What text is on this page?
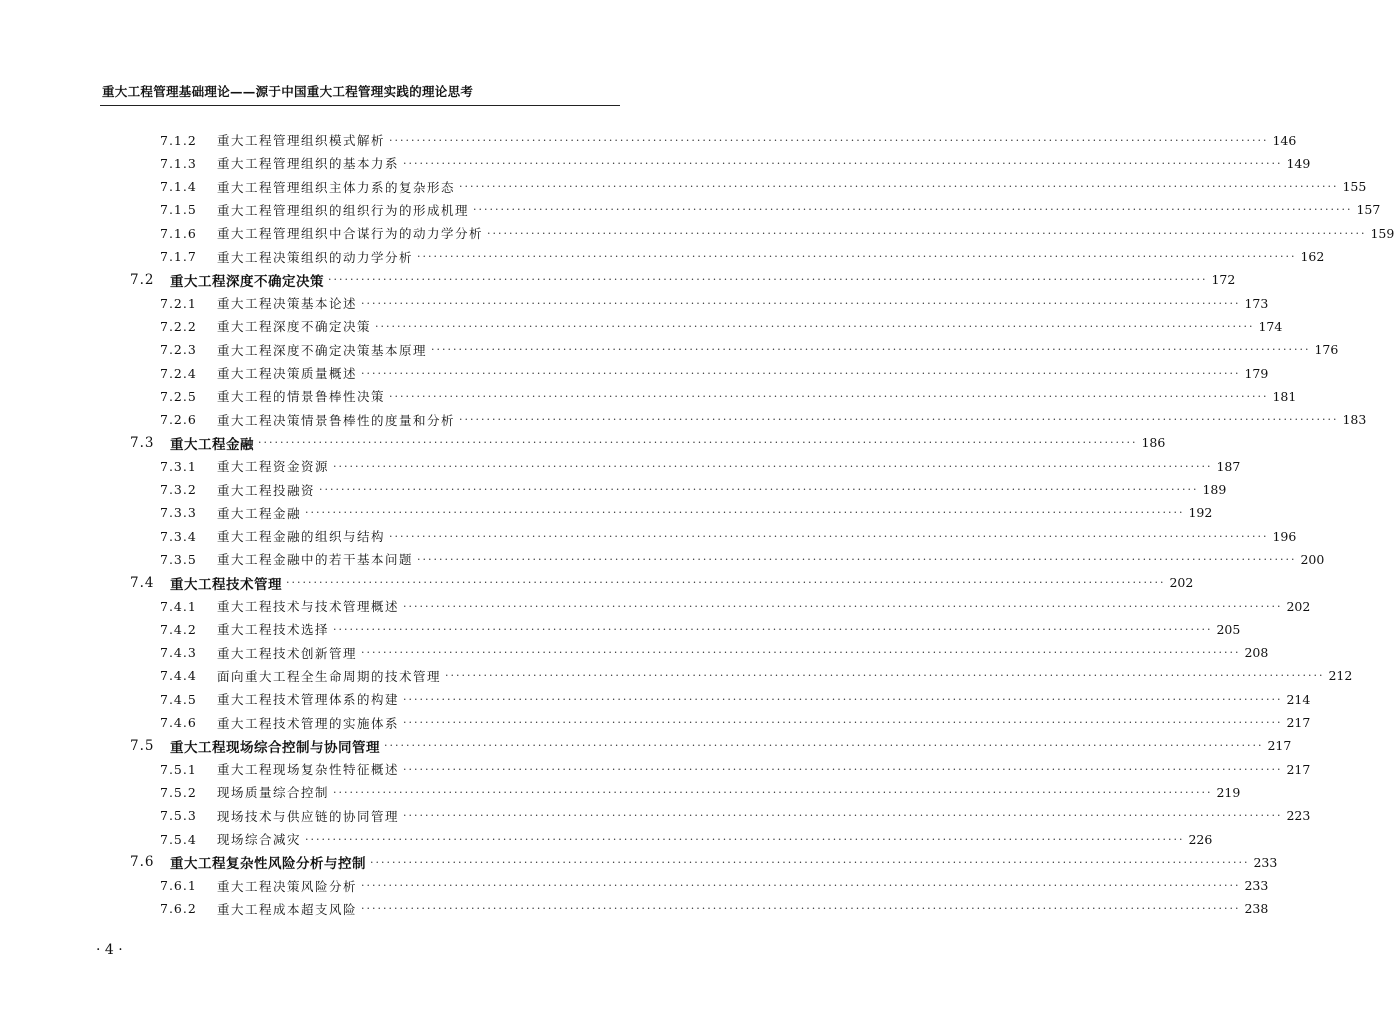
重大工程管理基础理论——源于中国重大工程管理实践的理论思考
7.1.2	重大工程管理组织模式解析 ································································································································································ 146
7.1.3	重大工程管理组织的基本力系 ································································································································································ 149
7.1.4	重大工程管理组织主体力系的复杂形态 ································································································································································ 155
7.1.5	重大工程管理组织的组织行为的形成机理 ································································································································································ 157
7.1.6	重大工程管理组织中合谋行为的动力学分析 ································································································································································ 159
7.1.7	重大工程决策组织的动力学分析 ································································································································································ 162
7.2	重大工程深度不确定决策 ································································································································································ 172
7.2.1	重大工程决策基本论述 ································································································································································ 173
7.2.2	重大工程深度不确定决策 ································································································································································ 174
7.2.3	重大工程深度不确定决策基本原理 ································································································································································ 176
7.2.4	重大工程决策质量概述 ································································································································································ 179
7.2.5	重大工程的情景鲁棒性决策 ································································································································································ 181
7.2.6	重大工程决策情景鲁棒性的度量和分析 ································································································································································ 183
7.3	重大工程金融 ································································································································································ 186
7.3.1	重大工程资金资源 ································································································································································ 187
7.3.2	重大工程投融资 ································································································································································ 189
7.3.3	重大工程金融 ································································································································································ 192
7.3.4	重大工程金融的组织与结构 ································································································································································ 196
7.3.5	重大工程金融中的若干基本问题 ································································································································································ 200
7.4	重大工程技术管理 ································································································································································ 202
7.4.1	重大工程技术与技术管理概述 ································································································································································ 202
7.4.2	重大工程技术选择 ································································································································································ 205
7.4.3	重大工程技术创新管理 ································································································································································ 208
7.4.4	面向重大工程全生命周期的技术管理 ································································································································································ 212
7.4.5	重大工程技术管理体系的构建 ································································································································································ 214
7.4.6	重大工程技术管理的实施体系 ································································································································································ 217
7.5	重大工程现场综合控制与协同管理 ································································································································································ 217
7.5.1	重大工程现场复杂性特征概述 ································································································································································ 217
7.5.2	现场质量综合控制 ································································································································································ 219
7.5.3	现场技术与供应链的协同管理 ································································································································································ 223
7.5.4	现场综合减灾 ································································································································································ 226
7.6	重大工程复杂性风险分析与控制 ································································································································································ 233
7.6.1	重大工程决策风险分析 ································································································································································ 233
7.6.2	重大工程成本超支风险 ································································································································································ 238
· 4 ·
